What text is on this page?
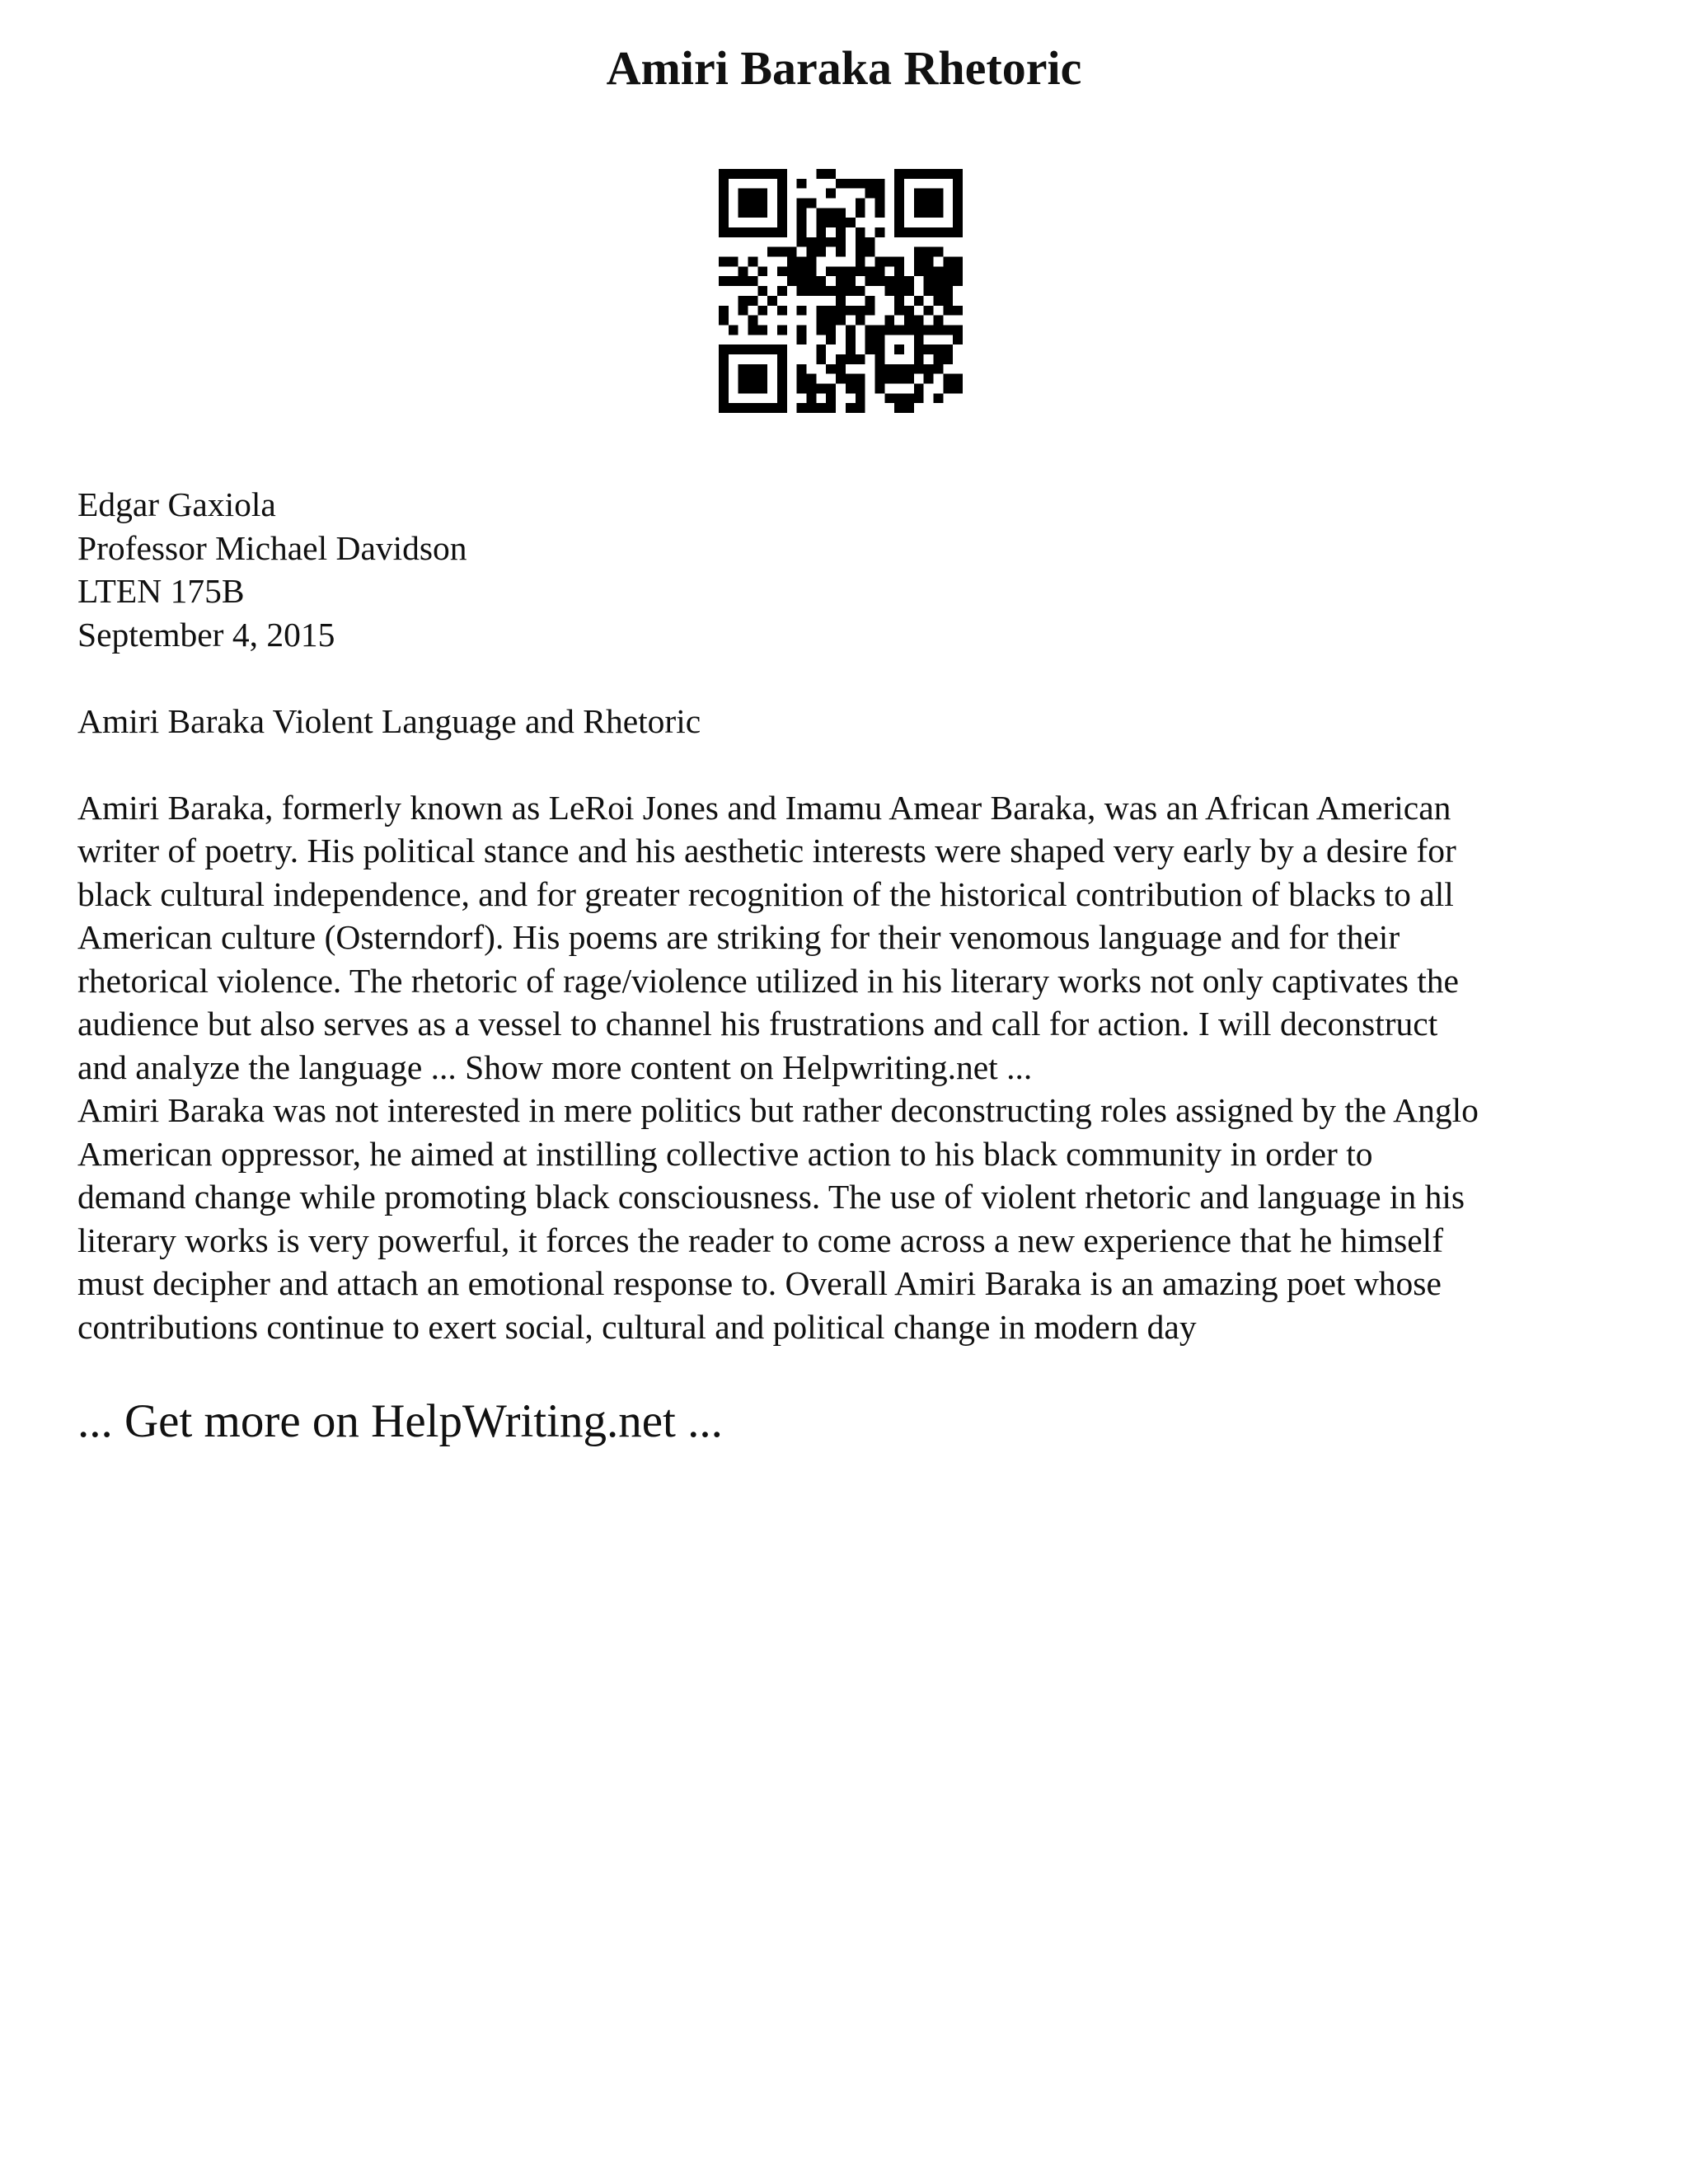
Amiri Baraka Rhetoric
Edgar Gaxiola
Professor Michael Davidson
LTEN 175B
September 4, 2015
Amiri Baraka Violent Language and Rhetoric
Amiri Baraka, formerly known as LeRoi Jones and Imamu Amear Baraka, was an African American
writer of poetry. His political stance and his aesthetic interests were shaped very early by a desire for
black cultural independence, and for greater recognition of the historical contribution of blacks to all
American culture (Osterndorf). His poems are striking for their venomous language and for their
rhetorical violence. The rhetoric of rage/violence utilized in his literary works not only captivates the
audience but also serves as a vessel to channel his frustrations and call for action. I will deconstruct
and analyze the language ... Show more content on Helpwriting.net ...
Amiri Baraka was not interested in mere politics but rather deconstructing roles assigned by the Anglo
American oppressor, he aimed at instilling collective action to his black community in order to
demand change while promoting black consciousness. The use of violent rhetoric and language in his
literary works is very powerful, it forces the reader to come across a new experience that he himself
must decipher and attach an emotional response to. Overall Amiri Baraka is an amazing poet whose
contributions continue to exert social, cultural and political change in modern day
... Get more on HelpWriting.net ...
